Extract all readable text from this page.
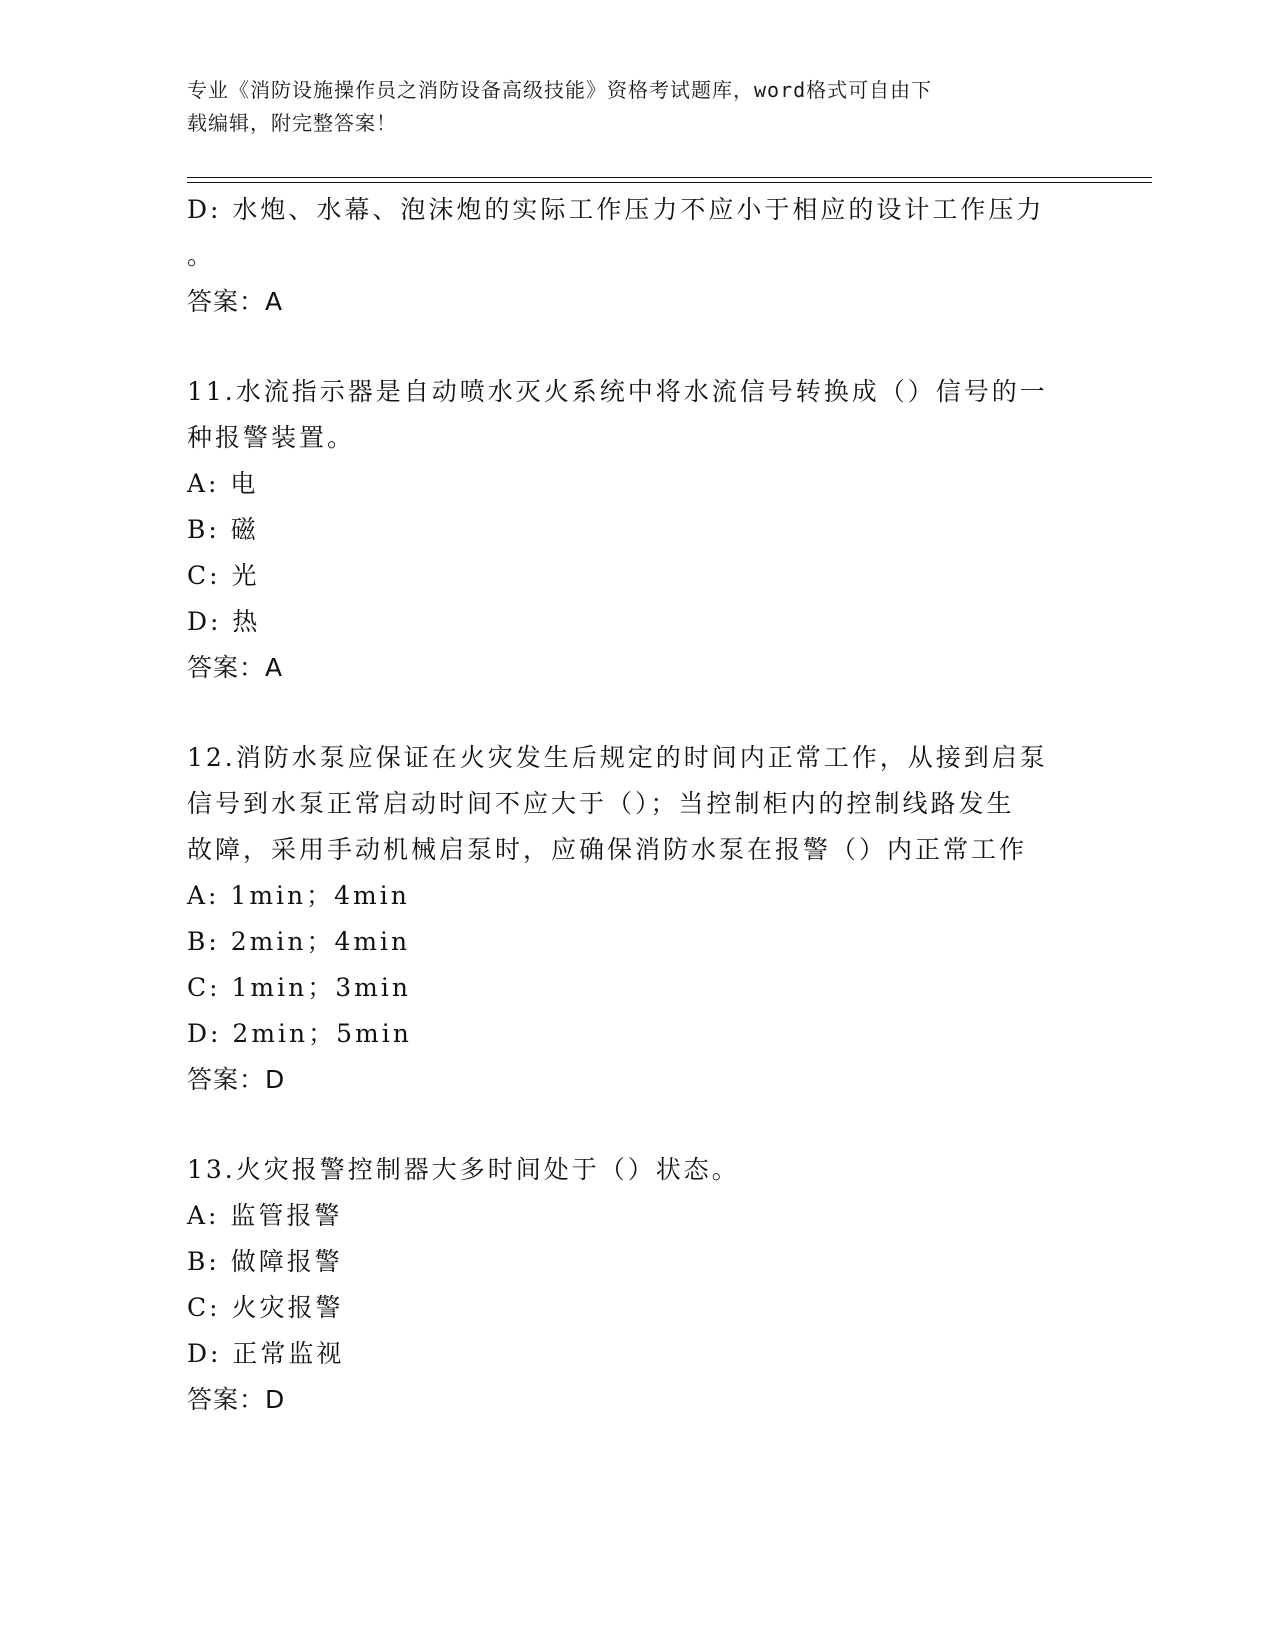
专业《消防设施操作员之消防设备高级技能》资格考试题库，word格式可自由下
载编辑，附完整答案！
D: 水炮、水幕、泡沫炮的实际工作压力不应小于相应的设计工作压力
。
答案：A
11.水流指示器是自动喷水灭火系统中将水流信号转换成（）信号的一
种报警装置。
A: 电
B: 磁
C: 光
D: 热
答案：A
12.消防水泵应保证在火灾发生后规定的时间内正常工作，从接到启泵
信号到水泵正常启动时间不应大于（）；当控制柜内的控制线路发生
故障，采用手动机械启泵时，应确保消防水泵在报警（）内正常工作
A: 1min；4min
B: 2min；4min
C: 1min；3min
D: 2min；5min
答案：D
13.火灾报警控制器大多时间处于（）状态。
A: 监管报警
B: 做障报警
C: 火灾报警
D: 正常监视
答案：D
